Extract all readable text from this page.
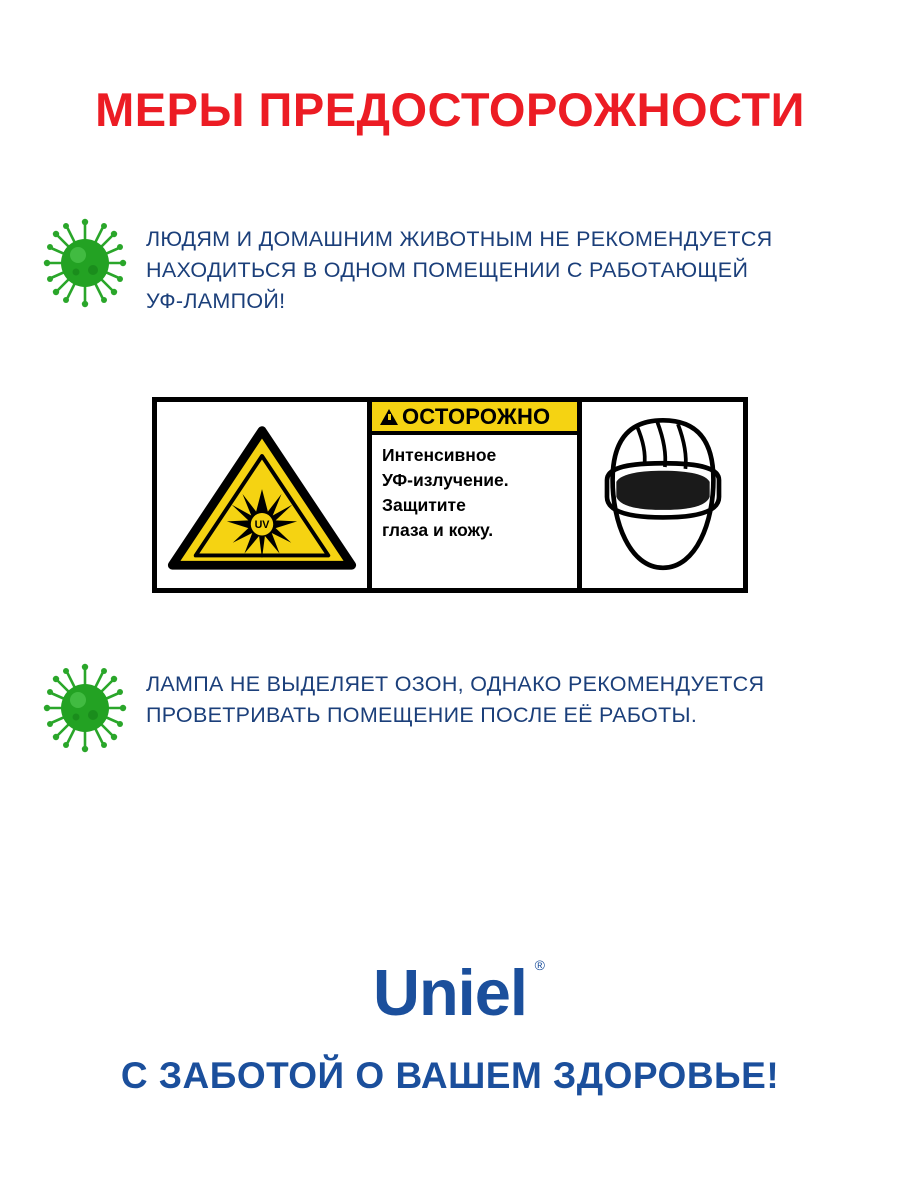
МЕРЫ ПРЕДОСТОРОЖНОСТИ
ЛЮДЯМ И ДОМАШНИМ ЖИВОТНЫМ НЕ РЕКОМЕНДУЕТСЯ
НАХОДИТЬСЯ В ОДНОМ ПОМЕЩЕНИИ С РАБОТАЮЩЕЙ
УФ-ЛАМПОЙ!
UV
ОСТОРОЖНО
Интенсивное
УФ-излучение.
Защитите
глаза и кожу.
ЛАМПА НЕ ВЫДЕЛЯЕТ ОЗОН, ОДНАКО РЕКОМЕНДУЕТСЯ
ПРОВЕТРИВАТЬ ПОМЕЩЕНИЕ ПОСЛЕ ЕЁ РАБОТЫ.
Uniel ®
С ЗАБОТОЙ О ВАШЕМ ЗДОРОВЬЕ!
